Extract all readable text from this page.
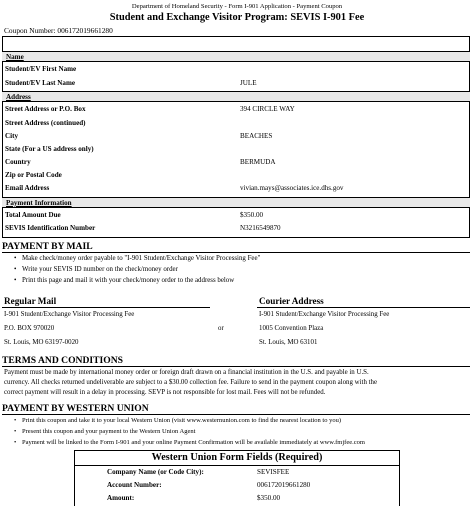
Department of Homeland Security - Form I-901 Application - Payment Coupon
Student and Exchange Visitor Program: SEVIS I-901 Fee
Coupon Number: 006172019661280
Name
Student/EV First Name
Student/EV Last Name	JULE
Address
Street Address or P.O. Box	394 CIRCLE WAY
Street Address (continued)
City	BEACHES
State (For a US address only)
Country	BERMUDA
Zip or Postal Code
Email Address	vivian.mays@associates.ice.dhs.gov
Payment Information
Total Amount Due	$350.00
SEVIS Identification Number	N3216549870
PAYMENT BY MAIL
• Make check/money order payable to "I-901 Student/Exchange Visitor Processing Fee"
• Write your SEVIS ID number on the check/money order
• Print this page and mail it with your check/money order to the address below
Regular Mail
I-901 Student/Exchange Visitor Processing Fee
P.O. BOX 970020
St. Louis, MO 63197-0020
or
Courier Address
I-901 Student/Exchange Visitor Processing Fee
1005 Convention Plaza
St. Louis, MO 63101
TERMS AND CONDITIONS
Payment must be made by international money order or foreign draft drawn on a financial institution in the U.S. and payable in U.S.
currency. All checks returned undeliverable are subject to a $30.00 collection fee. Failure to send in the payment coupon along with the
correct payment will result in a delay in processing. SEVP is not responsible for lost mail. Fees will not be refunded.
PAYMENT BY WESTERN UNION
• Print this coupon and take it to your local Western Union (visit www.westernunion.com to find the nearest location to you)
• Present this coupon and your payment to the Western Union Agent
• Payment will be linked to the Form I-901 and your online Payment Confirmation will be available immediately at www.fmjfee.com
Western Union Form Fields (Required)
Company Name (or Code City):	SEVISFEE
Account Number:	006172019661280
Amount:	$350.00
